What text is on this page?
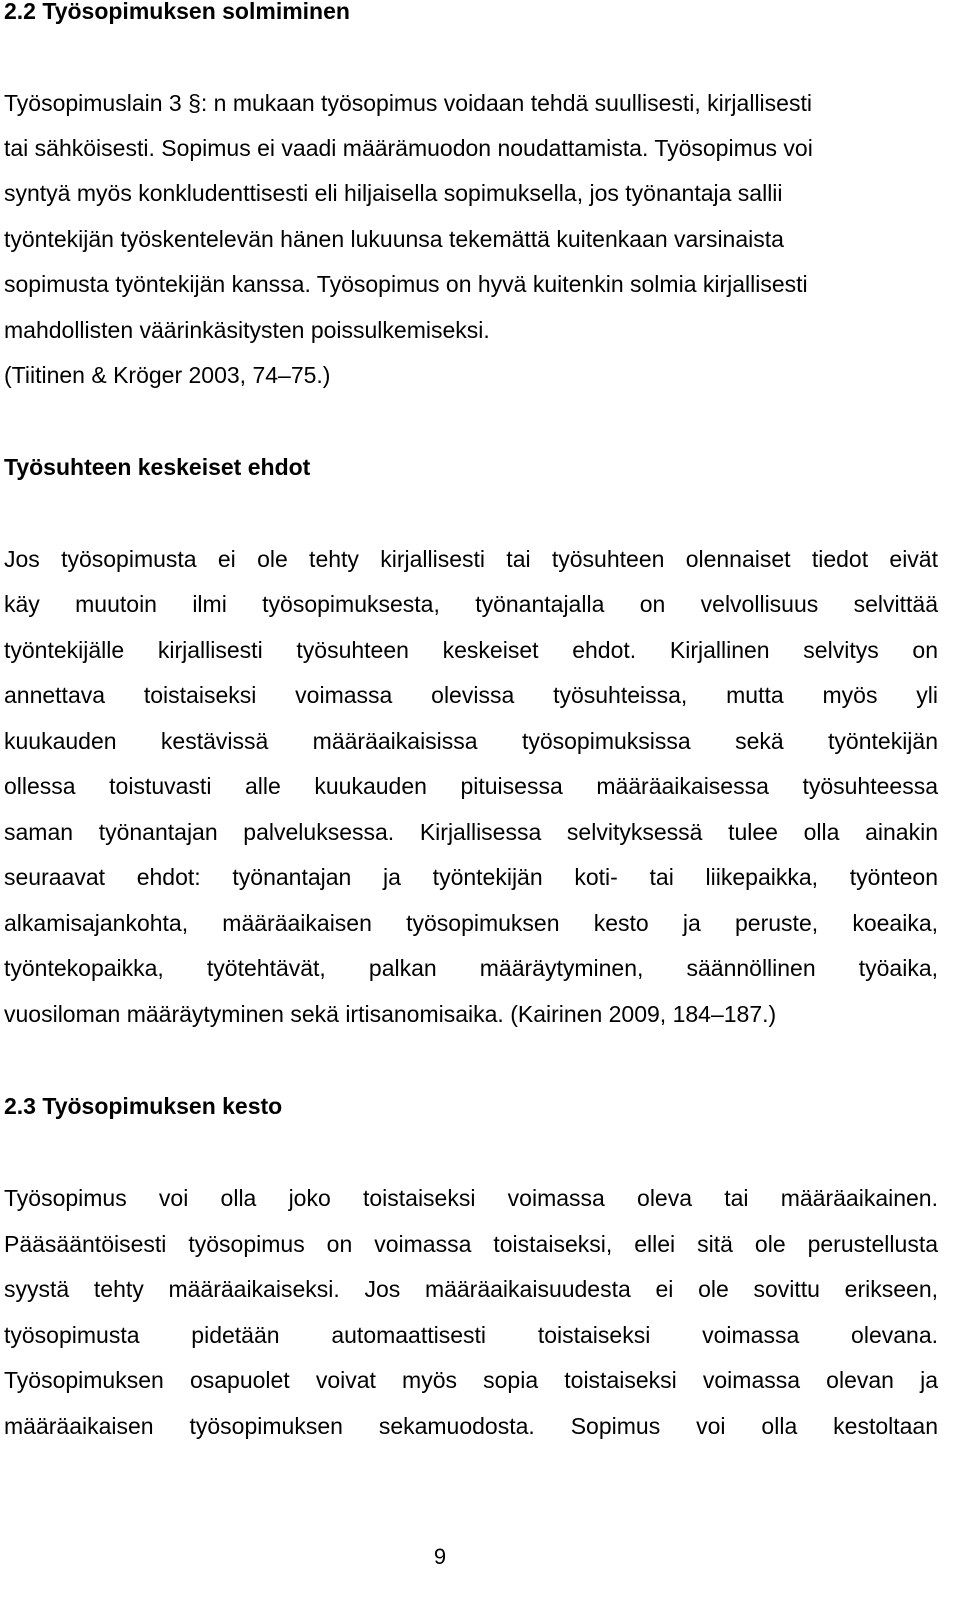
2.2 Työsopimuksen solmiminen
Työsopimuslain 3 §: n mukaan työsopimus voidaan tehdä suullisesti, kirjallisesti
tai sähköisesti. Sopimus ei vaadi määrämuodon noudattamista. Työsopimus voi
syntyä myös konkludenttisesti eli hiljaisella sopimuksella, jos työnantaja sallii
työntekijän työskentelevän hänen lukuunsa tekemättä kuitenkaan varsinaista
sopimusta työntekijän kanssa. Työsopimus on hyvä kuitenkin solmia kirjallisesti
mahdollisten väärinkäsitysten poissulkemiseksi.
(Tiitinen & Kröger 2003, 74–75.)
Työsuhteen keskeiset ehdot
Jos työsopimusta ei ole tehty kirjallisesti tai työsuhteen olennaiset tiedot eivät
käy muutoin ilmi työsopimuksesta, työnantajalla on velvollisuus selvittää
työntekijälle kirjallisesti työsuhteen keskeiset ehdot. Kirjallinen selvitys on
annettava toistaiseksi voimassa olevissa työsuhteissa, mutta myös yli
kuukauden kestävissä määräaikaisissa työsopimuksissa sekä työntekijän
ollessa toistuvasti alle kuukauden pituisessa määräaikaisessa työsuhteessa
saman työnantajan palveluksessa. Kirjallisessa selvityksessä tulee olla ainakin
seuraavat ehdot: työnantajan ja työntekijän koti- tai liikepaikka, työnteon
alkamisajankohta, määräaikaisen työsopimuksen kesto ja peruste, koeaika,
työntekopaikka, työtehtävät, palkan määräytyminen, säännöllinen työaika,
vuosiloman määräytyminen sekä irtisanomisaika. (Kairinen 2009, 184–187.)
2.3 Työsopimuksen kesto
Työsopimus voi olla joko toistaiseksi voimassa oleva tai määräaikainen.
Pääsääntöisesti työsopimus on voimassa toistaiseksi, ellei sitä ole perustellusta
syystä tehty määräaikaiseksi. Jos määräaikaisuudesta ei ole sovittu erikseen,
työsopimusta pidetään automaattisesti toistaiseksi voimassa olevana.
Työsopimuksen osapuolet voivat myös sopia toistaiseksi voimassa olevan ja
määräaikaisen työsopimuksen sekamuodosta. Sopimus voi olla kestoltaan
9
